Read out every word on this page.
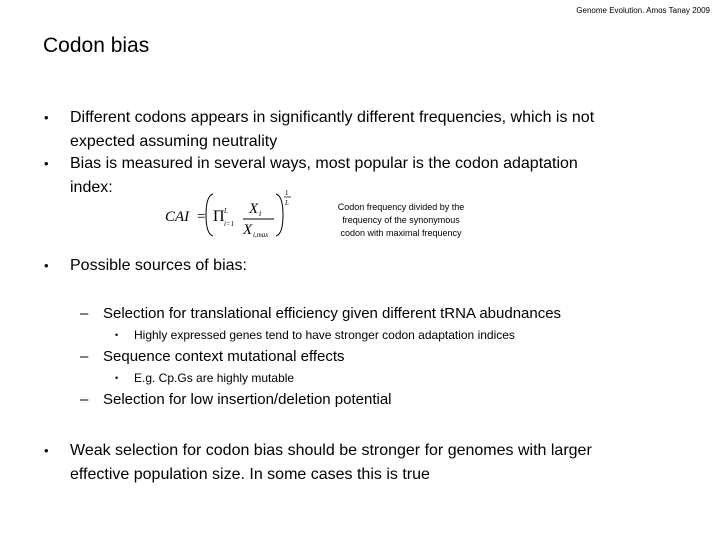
Genome Evolution. Amos Tanay 2009
Codon bias
•	Different codons appears in significantly different frequencies, which is not
expected assuming neutrality
•	Bias is measured in several ways, most popular is the codon adaptation
index:
CAI = Π L
i=1
X i
X i,max
1
L	Codon frequency divided by the
frequency of the synonymous
codon with maximal frequency
•	Possible sources of bias:
– Selection for translational efficiency given different tRNA abudnances
• Highly expressed genes tend to have stronger codon adaptation indices
– Sequence context mutational effects
• E.g. Cp.Gs are highly mutable
– Selection for low insertion/deletion potential
•	Weak selection for codon bias should be stronger for genomes with larger
effective population size. In some cases this is true
